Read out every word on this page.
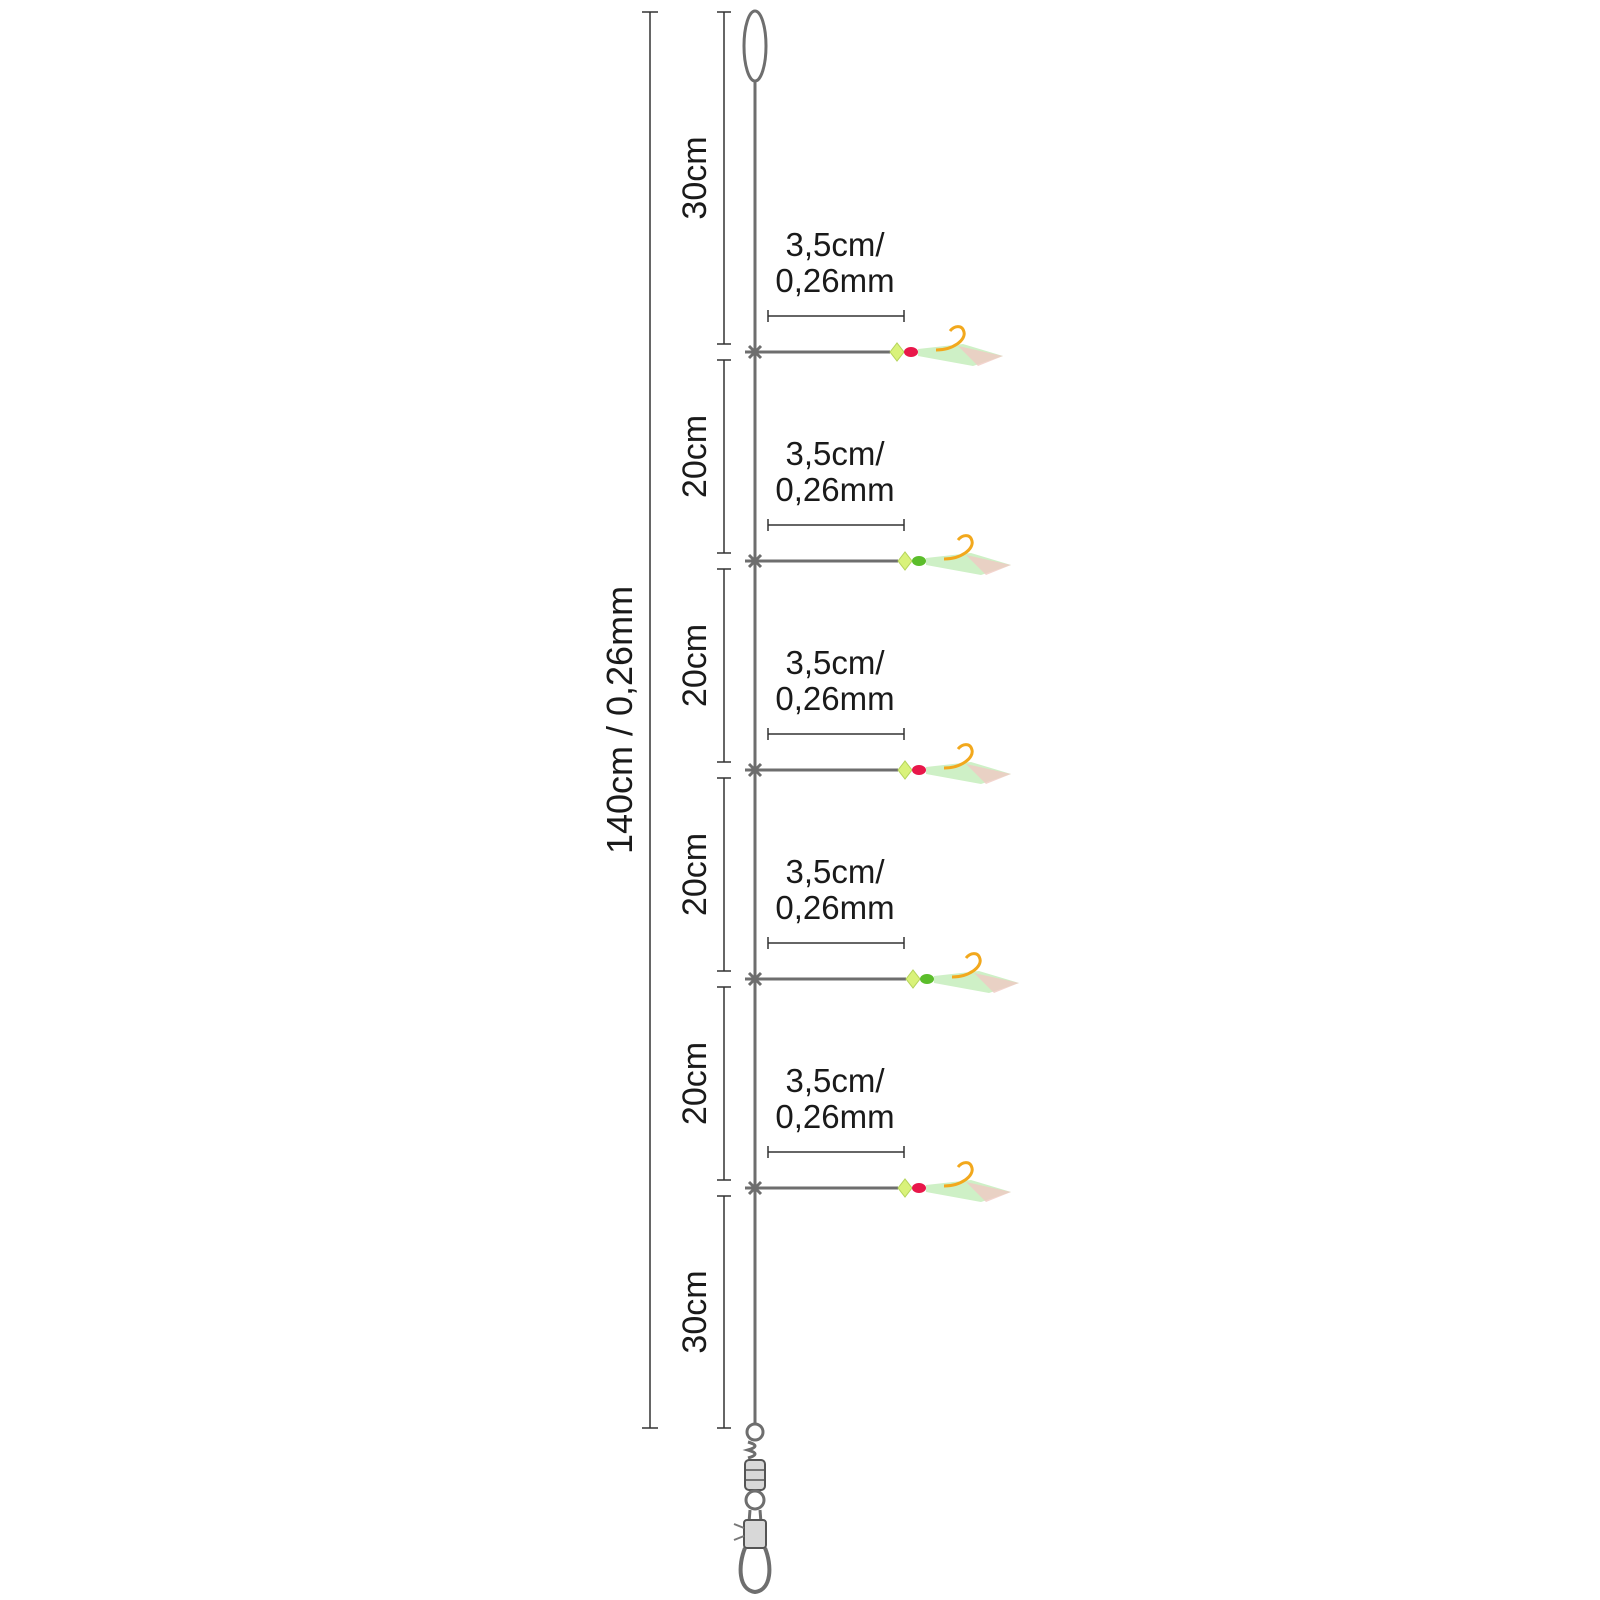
140cm / 0,26mm
30cm
20cm
20cm
20cm
20cm
30cm
3,5cm/
0,26mm
3,5cm/
0,26mm
3,5cm/
0,26mm
3,5cm/
0,26mm
3,5cm/
0,26mm
